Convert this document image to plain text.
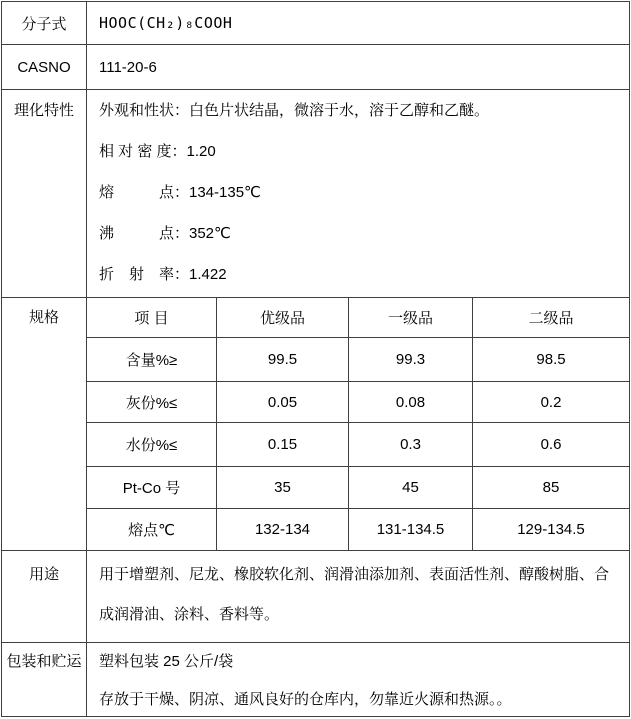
分子式	HOOC(CH₂)₈COOH
CASNO	111-20-6
理化特性	外观和性状：白色片状结晶，微溶于水，溶于乙醇和乙醚。
相 对 密 度：1.20
熔　　　点：134-135℃
沸　　　点：352℃
折　射　率：1.422
规格	项 目	优级品	一级品	二级品
含量%≥	99.5	99.3	98.5
灰份%≤	0.05	0.08	0.2
水份%≤	0.15	0.3	0.6
Pt-Co 号	35	45	85
熔点℃	132-134	131-134.5	129-134.5
用途	用于增塑剂、尼龙、橡胶软化剂、润滑油添加剂、表面活性剂、醇酸树脂、合成润滑油、涂料、香料等。
包装和贮运	塑料包装 25 公斤/袋
存放于干燥、阴凉、通风良好的仓库内，勿靠近火源和热源。。
